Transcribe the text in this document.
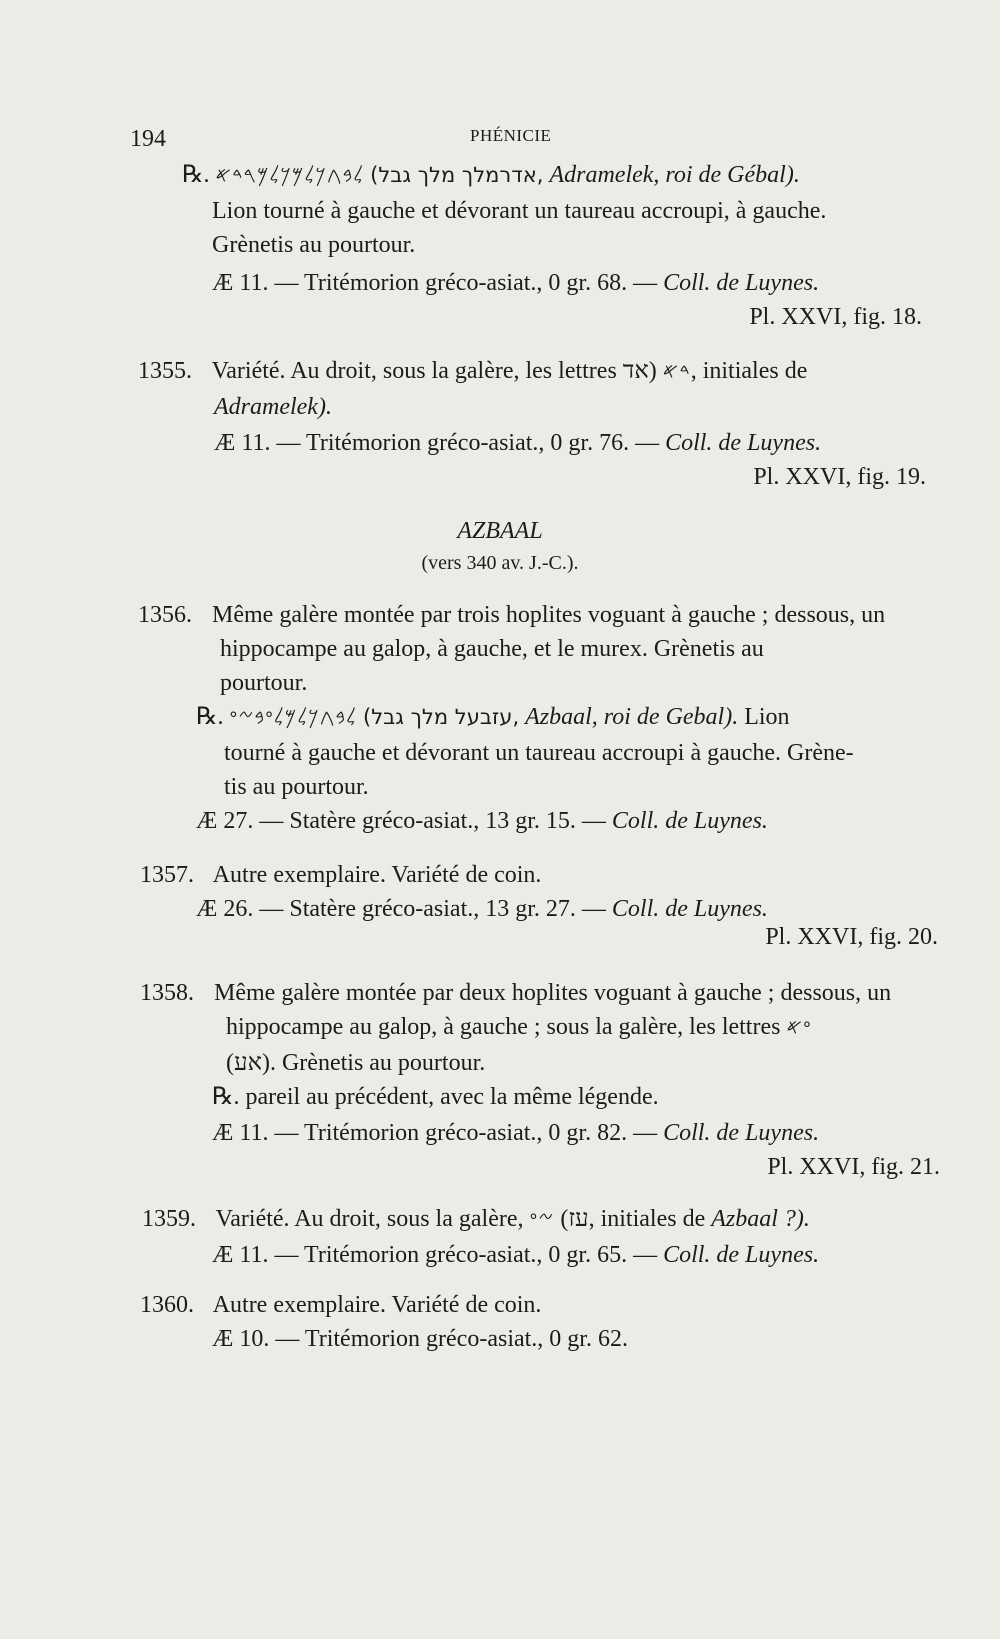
194	PHÉNICIE
℞. 𐤋𐤁𐤂𐤊𐤋𐤌𐤊𐤋𐤌𐤓𐤃𐤀 (אדרמלך מלך גבל, Adramelek, roi de Gébal).
Lion tourné à gauche et dévorant un taureau accroupi, à gauche.
Grènetis au pourtour.
Æ 11. — Tritémorion gréco-asiat., 0 gr. 68. — Coll. de Luynes.
Pl. XXVI, fig. 18.
1355. Variété. Au droit, sous la galère, les lettres 𐤃𐤀 (אד, initiales de
Adramelek).
Æ 11. — Tritémorion gréco-asiat., 0 gr. 76. — Coll. de Luynes.
Pl. XXVI, fig. 19.
AZBAAL
(vers 340 av. J.-C.).
1356. Même galère montée par trois hoplites voguant à gauche ; dessous, un
hippocampe au galop, à gauche, et le murex. Grènetis au
pourtour.
℞. 𐤋𐤁𐤂𐤊𐤋𐤌𐤋𐤏𐤁𐤆𐤏 (עזבעל מלך גבל, Azbaal, roi de Gebal). Lion
tourné à gauche et dévorant un taureau accroupi à gauche. Grène-
tis au pourtour.
Æ 27. — Statère gréco-asiat., 13 gr. 15. — Coll. de Luynes.
1357. Autre exemplaire. Variété de coin.
Æ 26. — Statère gréco-asiat., 13 gr. 27. — Coll. de Luynes.
Pl. XXVI, fig. 20.
1358. Même galère montée par deux hoplites voguant à gauche ; dessous, un
hippocampe au galop, à gauche ; sous la galère, les lettres 𐤏𐤀
(אע). Grènetis au pourtour.
℞. pareil au précédent, avec la même légende.
Æ 11. — Tritémorion gréco-asiat., 0 gr. 82. — Coll. de Luynes.
Pl. XXVI, fig. 21.
1359. Variété. Au droit, sous la galère, 𐤆𐤏 (עז, initiales de Azbaal ?).
Æ 11. — Tritémorion gréco-asiat., 0 gr. 65. — Coll. de Luynes.
1360. Autre exemplaire. Variété de coin.
Æ 10. — Tritémorion gréco-asiat., 0 gr. 62.
